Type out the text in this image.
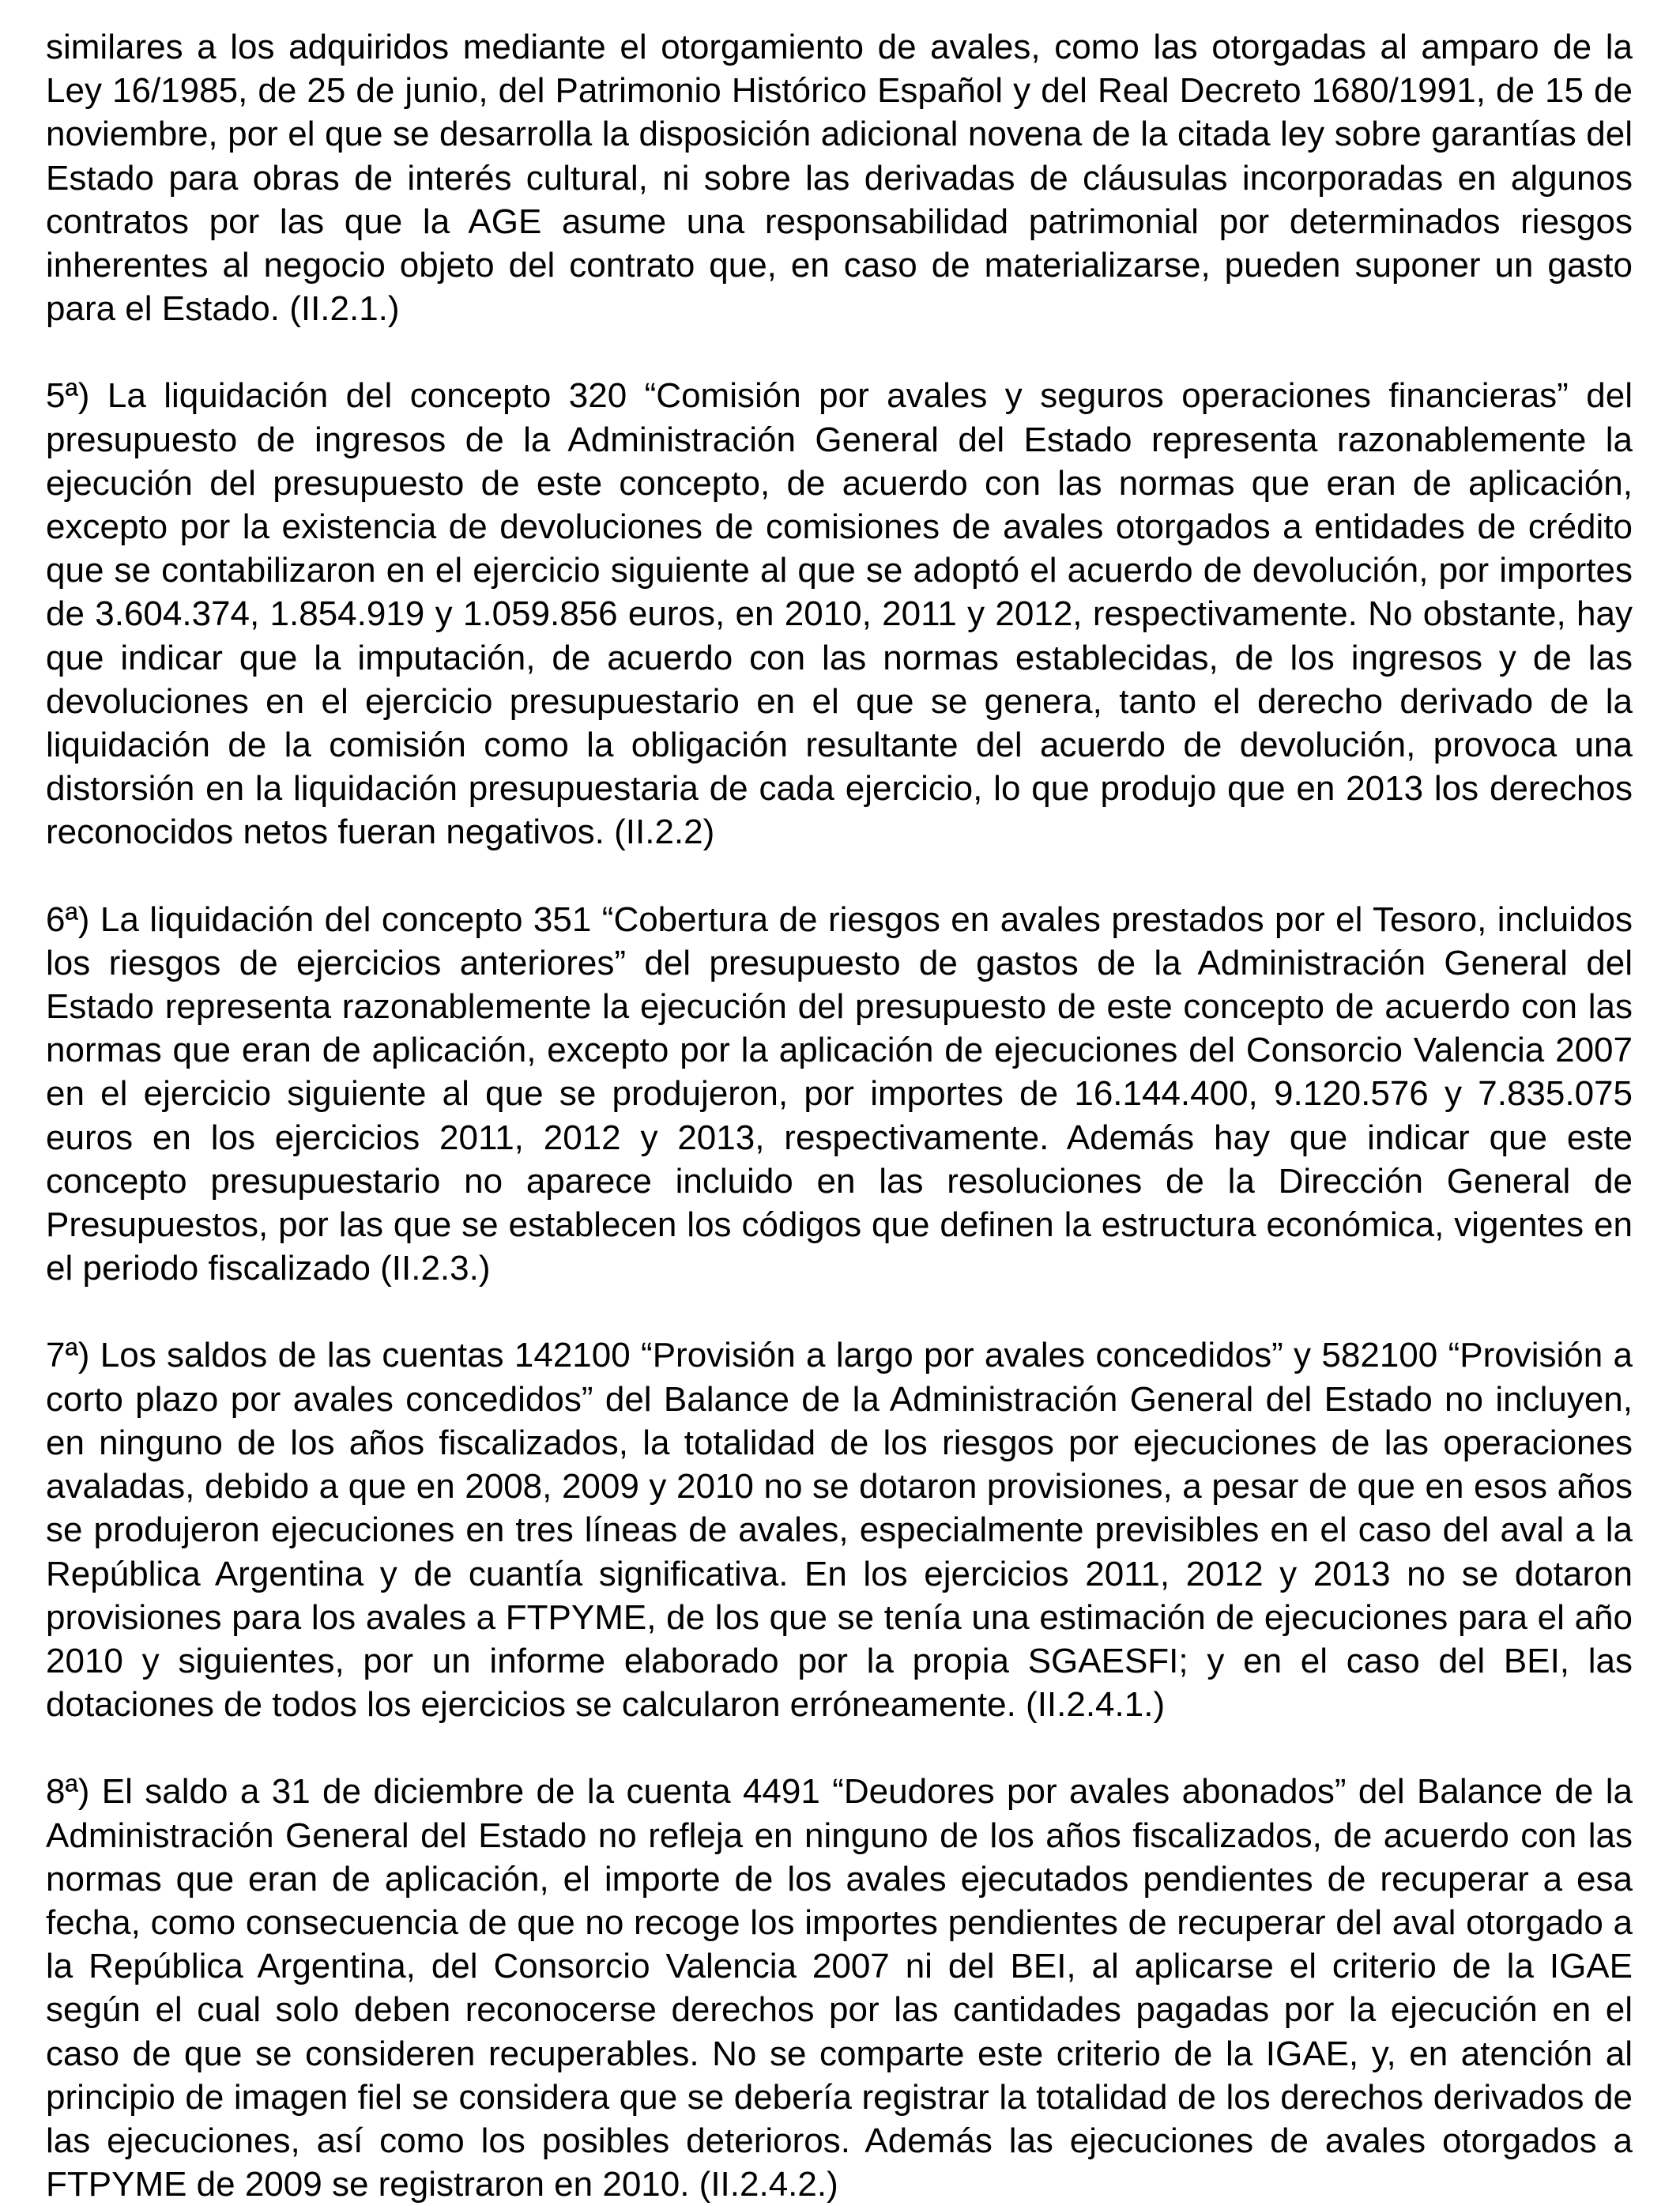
similares a los adquiridos mediante el otorgamiento de avales, como las otorgadas al amparo de la Ley 16/1985, de 25 de junio, del Patrimonio Histórico Español y del Real Decreto 1680/1991, de 15 de noviembre, por el que se desarrolla la disposición adicional novena de la citada ley sobre garantías del Estado para obras de interés cultural, ni sobre las derivadas de cláusulas incorporadas en algunos contratos por las que la AGE asume una responsabilidad patrimonial por determinados riesgos inherentes al negocio objeto del contrato que, en caso de materializarse, pueden suponer un gasto para el Estado. (II.2.1.)

5ª) La liquidación del concepto 320 “Comisión por avales y seguros operaciones financieras” del presupuesto de ingresos de la Administración General del Estado representa razonablemente la ejecución del presupuesto de este concepto, de acuerdo con las normas que eran de aplicación, excepto por la existencia de devoluciones de comisiones de avales otorgados a entidades de crédito que se contabilizaron en el ejercicio siguiente al que se adoptó el acuerdo de devolución, por importes de 3.604.374, 1.854.919 y 1.059.856 euros, en 2010, 2011 y 2012, respectivamente. No obstante, hay que indicar que la imputación, de acuerdo con las normas establecidas, de los ingresos y de las devoluciones en el ejercicio presupuestario en el que se genera, tanto el derecho derivado de la liquidación de la comisión como la obligación resultante del acuerdo de devolución, provoca una distorsión en la liquidación presupuestaria de cada ejercicio, lo que produjo que en 2013 los derechos reconocidos netos fueran negativos. (II.2.2)

6ª) La liquidación del concepto 351 “Cobertura de riesgos en avales prestados por el Tesoro, incluidos los riesgos de ejercicios anteriores” del presupuesto de gastos de la Administración General del Estado representa razonablemente la ejecución del presupuesto de este concepto de acuerdo con las normas que eran de aplicación, excepto por la aplicación de ejecuciones del Consorcio Valencia 2007 en el ejercicio siguiente al que se produjeron, por importes de 16.144.400, 9.120.576 y 7.835.075 euros en los ejercicios 2011, 2012 y 2013, respectivamente. Además hay que indicar que este concepto presupuestario no aparece incluido en las resoluciones de la Dirección General de Presupuestos, por las que se establecen los códigos que definen la estructura económica, vigentes en el periodo fiscalizado (II.2.3.)

7ª) Los saldos de las cuentas 142100 “Provisión a largo por avales concedidos” y 582100 “Provisión a corto plazo por avales concedidos” del Balance de la Administración General del Estado no incluyen, en ninguno de los años fiscalizados, la totalidad de los riesgos por ejecuciones de las operaciones avaladas, debido a que en 2008, 2009 y 2010 no se dotaron provisiones, a pesar de que en esos años se produjeron ejecuciones en tres líneas de avales, especialmente previsibles en el caso del aval a la República Argentina y de cuantía significativa. En los ejercicios 2011, 2012 y 2013 no se dotaron provisiones para los avales a FTPYME, de los que se tenía una estimación de ejecuciones para el año 2010 y siguientes, por un informe elaborado por la propia SGAESFI; y en el caso del BEI, las dotaciones de todos los ejercicios se calcularon erróneamente. (II.2.4.1.)

8ª) El saldo a 31 de diciembre de la cuenta 4491 “Deudores por avales abonados” del Balance de la Administración General del Estado no refleja en ninguno de los años fiscalizados, de acuerdo con las normas que eran de aplicación, el importe de los avales ejecutados pendientes de recuperar a esa fecha, como consecuencia de que no recoge los importes pendientes de recuperar del aval otorgado a la República Argentina, del Consorcio Valencia 2007 ni del BEI, al aplicarse el criterio de la IGAE según el cual solo deben reconocerse derechos por las cantidades pagadas por la ejecución en el caso de que se consideren recuperables. No se comparte este criterio de la IGAE, y, en atención al principio de imagen fiel se considera que se debería registrar la totalidad de los derechos derivados de las ejecuciones, así como los posibles deterioros. Además las ejecuciones de avales otorgados a FTPYME de 2009 se registraron en 2010. (II.2.4.2.)
